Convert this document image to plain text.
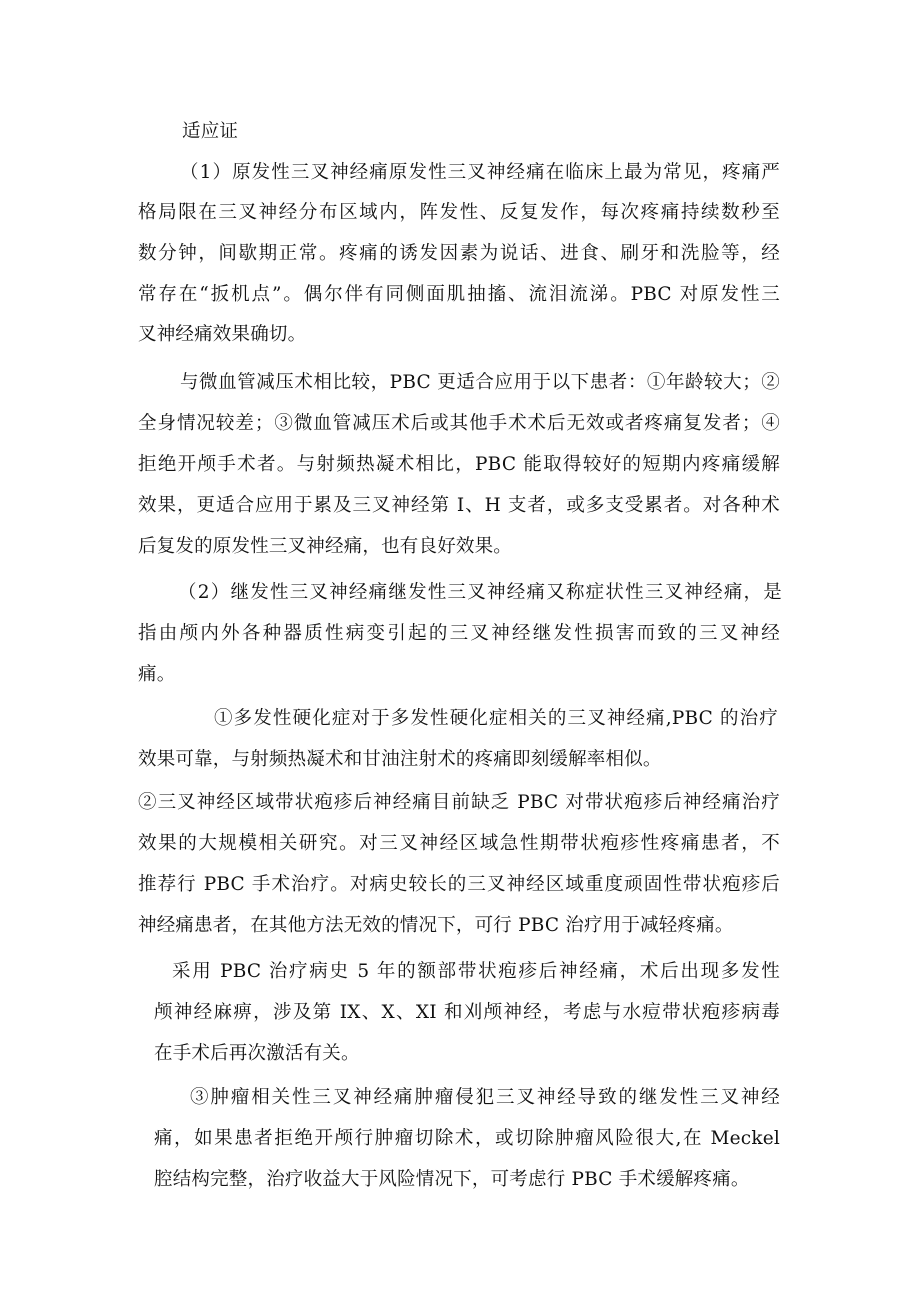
适应证
（1）原发性三叉神经痛原发性三叉神经痛在临床上最为常见，疼痛严
格局限在三叉神经分布区域内，阵发性、反复发作，每次疼痛持续数秒至
数分钟，间歇期正常。疼痛的诱发因素为说话、进食、刷牙和洗脸等，经
常存在“扳机点”。偶尔伴有同侧面肌抽搐、流泪流涕。PBC 对原发性三
叉神经痛效果确切。
与微血管减压术相比较，PBC 更适合应用于以下患者：①年龄较大；②
全身情况较差；③微血管减压术后或其他手术术后无效或者疼痛复发者；④
拒绝开颅手术者。与射频热凝术相比，PBC 能取得较好的短期内疼痛缓解
效果，更适合应用于累及三叉神经第 I、H 支者，或多支受累者。对各种术
后复发的原发性三叉神经痛，也有良好效果。
（2）继发性三叉神经痛继发性三叉神经痛又称症状性三叉神经痛，是
指由颅内外各种器质性病变引起的三叉神经继发性损害而致的三叉神经
痛。
①多发性硬化症对于多发性硬化症相关的三叉神经痛,PBC 的治疗
效果可靠，与射频热凝术和甘油注射术的疼痛即刻缓解率相似。
②三叉神经区域带状疱疹后神经痛目前缺乏 PBC 对带状疱疹后神经痛治疗
效果的大规模相关研究。对三叉神经区域急性期带状疱疹性疼痛患者，不
推荐行 PBC 手术治疗。对病史较长的三叉神经区域重度顽固性带状疱疹后
神经痛患者，在其他方法无效的情况下，可行 PBC 治疗用于减轻疼痛。
采用 PBC 治疗病史 5 年的额部带状疱疹后神经痛，术后出现多发性
颅神经麻痹，涉及第 IX、X、XI 和刈颅神经，考虑与水痘带状疱疹病毒
在手术后再次激活有关。
③肿瘤相关性三叉神经痛肿瘤侵犯三叉神经导致的继发性三叉神经
痛，如果患者拒绝开颅行肿瘤切除术，或切除肿瘤风险很大,在 Meckel
腔结构完整，治疗收益大于风险情况下，可考虑行 PBC 手术缓解疼痛。
